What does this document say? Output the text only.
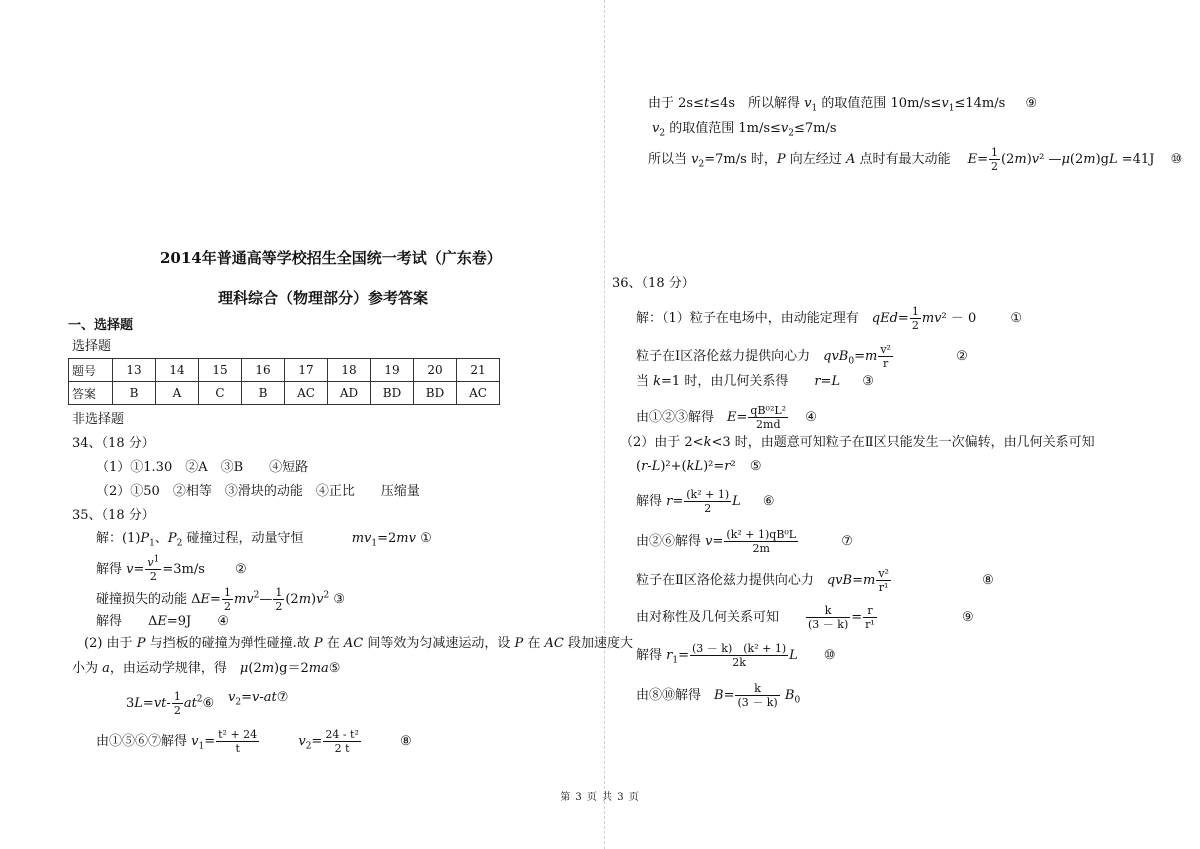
2014年普通高等学校招生全国统一考试（广东卷）
理科综合（物理部分）参考答案
一、选择题
选择题
题号	13	14	15	16	17	18	19	20	21
答案	B	A	C	B	AC	AD	BD	BD	AC
非选择题
34、（18 分）
（1）①1.30　②A　③B　　④短路
（2）①50　②相等　③滑块的动能　④正比　　压缩量
35、（18 分）
解：$(1)P_1$、$P_2$ 碰撞过程，动量守恒	$mv_1=2mv$ ①
解得 $v= \frac{v^1}{2} =3m/s$ ②
碰撞损失的动能 $\Delta E= \frac{1}{2}$ $mv^2— \frac{1}{2} (2m)v^2$ ③
解得　　ΔE=9J ④
(2) 由于 P 与挡板的碰撞为弹性碰撞.故 P 在 AC 间等效为匀减速运动，设 P 在 AC 段加速度大
小为 a，由运动学规律，得　μ(2m)g＝2ma⑤
$3L=vt- \frac{1}{2}$ $at^2⑥$ $v_2=v$-at⑦
由①⑤⑥⑦解得 $v_1= \frac{\text{t² + 24}}{t}$	$v_2= \frac{\text{24 - t²}}{2 t}$	⑧
由于 2s≤t≤4s　所以解得 $v_1$ 的取值范围 $10m/s\le v_1\le 14m/s$ ⑨
$v_2$ 的取值范围 $1m/s\le v_2\le 7m/s$
所以当 $v_2=7m/s$ 时，P 向左经过 A 点时有最大动能　 $E= \frac{1}{2} (2m)v^2$ —μ(2m)gL =41J ⑩
36、（18 分）
解：（1）粒子在电场中，由动能定理有　$qEd= \frac{1}{2} mv^2 - 0$	①
粒子在Ⅰ区洛伦兹力提供向心力　$qvB_0=m \frac{\text{v²}}{r}$	②
当 k=1 时，由几何关系得　　r=L ③
由①②③解得　$E= \frac{\text{qB⁰²L²}}{2md}$ ④
（2）由于 2<k<3 时，由题意可知粒子在Ⅱ区只能发生一次偏转，由几何关系可知
(r-L)²+(kL)²=r² ⑤
解得 $r= \frac{\text{(k² + 1)}}{2}$ L ⑥
由②⑥解得 $v= \frac{\text{(k² + 1)qB⁰L}}{2m}$	⑦
粒子在Ⅱ区洛伦兹力提供向心力　$qvB=m \frac{\text{v²}}{\text{r¹}}$	⑧
由对称性及几何关系可知　　 $\frac{k}{(3 - k)} = \frac{r}{\text{r¹}}$	⑨
解得 $r_1= \frac{\text{(3 － k)　(k² + 1)}}{2k}$ L ⑩
由⑧⑩解得　$B= \frac{k}{(3 - k)} B_0$
第 3 页 共 3 页
